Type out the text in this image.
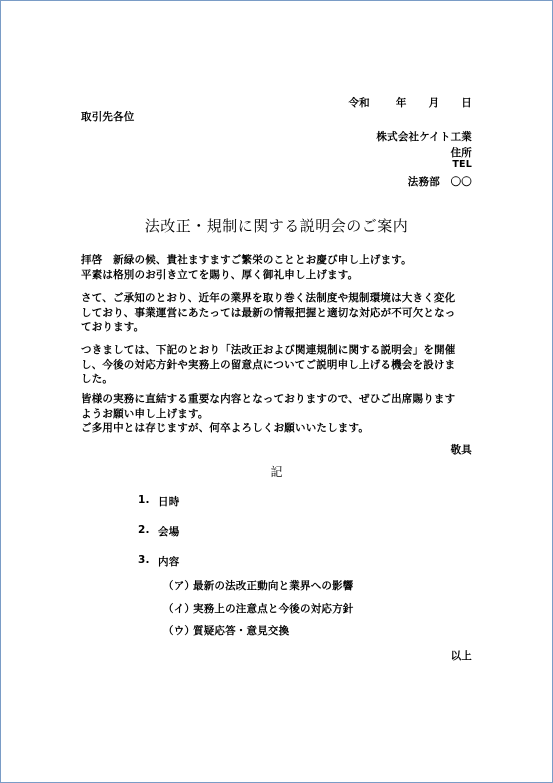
令和 年 月 日
取引先各位
株式会社ケイト工業
住所
TEL
法務部　〇〇
法改正・規制に関する説明会のご案内
拝啓　新緑の候、貴社ますますご繁栄のこととお慶び申し上げます。
平素は格別のお引き立てを賜り、厚く御礼申し上げます。
さて、ご承知のとおり、近年の業界を取り巻く法制度や規制環境は大きく変化
しており、事業運営にあたっては最新の情報把握と適切な対応が不可欠となっ
ております。
つきましては、下記のとおり「法改正および関連規制に関する説明会」を開催
し、今後の対応方針や実務上の留意点についてご説明申し上げる機会を設けま
した。
皆様の実務に直結する重要な内容となっておりますので、ぜひご出席賜ります
ようお願い申し上げます。
ご多用中とは存じますが、何卒よろしくお願いいたします。
敬具
記
1. 日時
2. 会場
3. 内容
（ア）最新の法改正動向と業界への影響
（イ）実務上の注意点と今後の対応方針
（ウ）質疑応答・意見交換
以上
